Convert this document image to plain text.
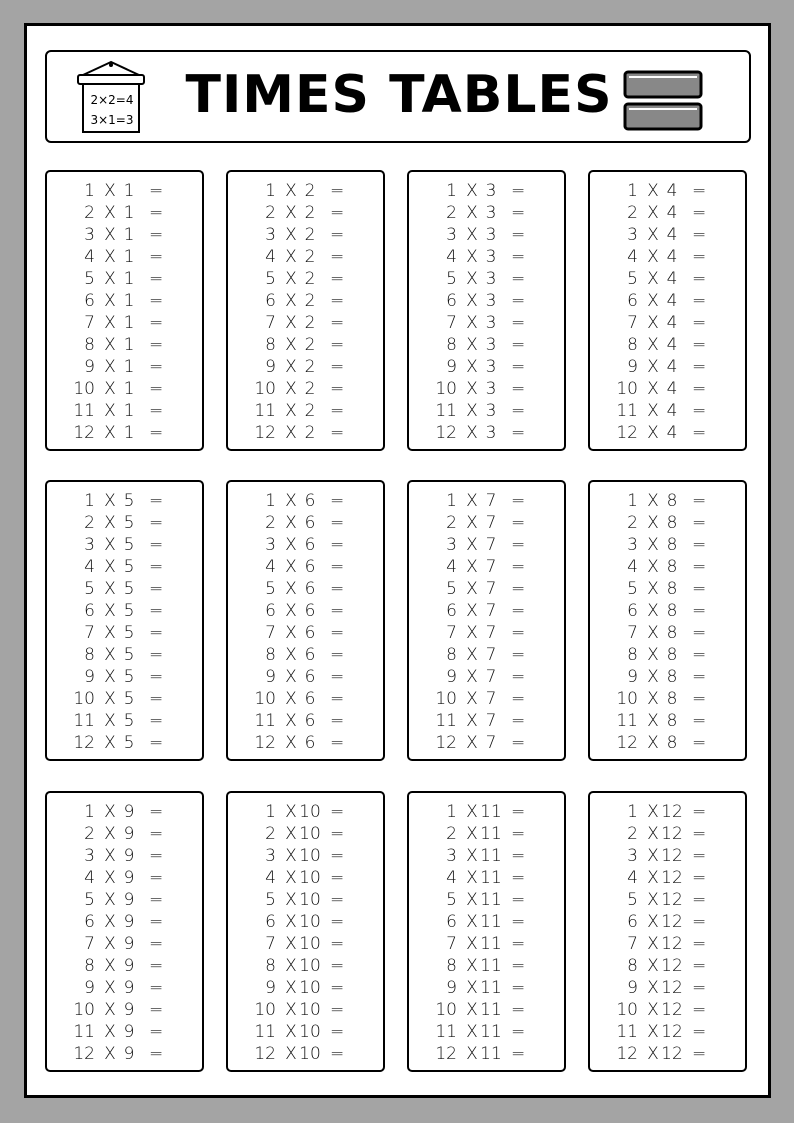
2×2=4
3×1=3 TIMES TABLES
1 X 1 =
2 X 1 =
3 X 1 =
4 X 1 =
5 X 1 =
6 X 1 =
7 X 1 =
8 X 1 =
9 X 1 =
10 X 1 =
11 X 1 =
12 X 1 =
1 X 2 =
2 X 2 =
3 X 2 =
4 X 2 =
5 X 2 =
6 X 2 =
7 X 2 =
8 X 2 =
9 X 2 =
10 X 2 =
11 X 2 =
12 X 2 =
1 X 3 =
2 X 3 =
3 X 3 =
4 X 3 =
5 X 3 =
6 X 3 =
7 X 3 =
8 X 3 =
9 X 3 =
10 X 3 =
11 X 3 =
12 X 3 =
1 X 4 =
2 X 4 =
3 X 4 =
4 X 4 =
5 X 4 =
6 X 4 =
7 X 4 =
8 X 4 =
9 X 4 =
10 X 4 =
11 X 4 =
12 X 4 =
1 X 5 =
2 X 5 =
3 X 5 =
4 X 5 =
5 X 5 =
6 X 5 =
7 X 5 =
8 X 5 =
9 X 5 =
10 X 5 =
11 X 5 =
12 X 5 =
1 X 6 =
2 X 6 =
3 X 6 =
4 X 6 =
5 X 6 =
6 X 6 =
7 X 6 =
8 X 6 =
9 X 6 =
10 X 6 =
11 X 6 =
12 X 6 =
1 X 7 =
2 X 7 =
3 X 7 =
4 X 7 =
5 X 7 =
6 X 7 =
7 X 7 =
8 X 7 =
9 X 7 =
10 X 7 =
11 X 7 =
12 X 7 =
1 X 8 =
2 X 8 =
3 X 8 =
4 X 8 =
5 X 8 =
6 X 8 =
7 X 8 =
8 X 8 =
9 X 8 =
10 X 8 =
11 X 8 =
12 X 8 =
1 X 9 =
2 X 9 =
3 X 9 =
4 X 9 =
5 X 9 =
6 X 9 =
7 X 9 =
8 X 9 =
9 X 9 =
10 X 9 =
11 X 9 =
12 X 9 =
1 X 10 =
2 X 10 =
3 X 10 =
4 X 10 =
5 X 10 =
6 X 10 =
7 X 10 =
8 X 10 =
9 X 10 =
10 X 10 =
11 X 10 =
12 X 10 =
1 X 11 =
2 X 11 =
3 X 11 =
4 X 11 =
5 X 11 =
6 X 11 =
7 X 11 =
8 X 11 =
9 X 11 =
10 X 11 =
11 X 11 =
12 X 11 =
1 X 12 =
2 X 12 =
3 X 12 =
4 X 12 =
5 X 12 =
6 X 12 =
7 X 12 =
8 X 12 =
9 X 12 =
10 X 12 =
11 X 12 =
12 X 12 =
